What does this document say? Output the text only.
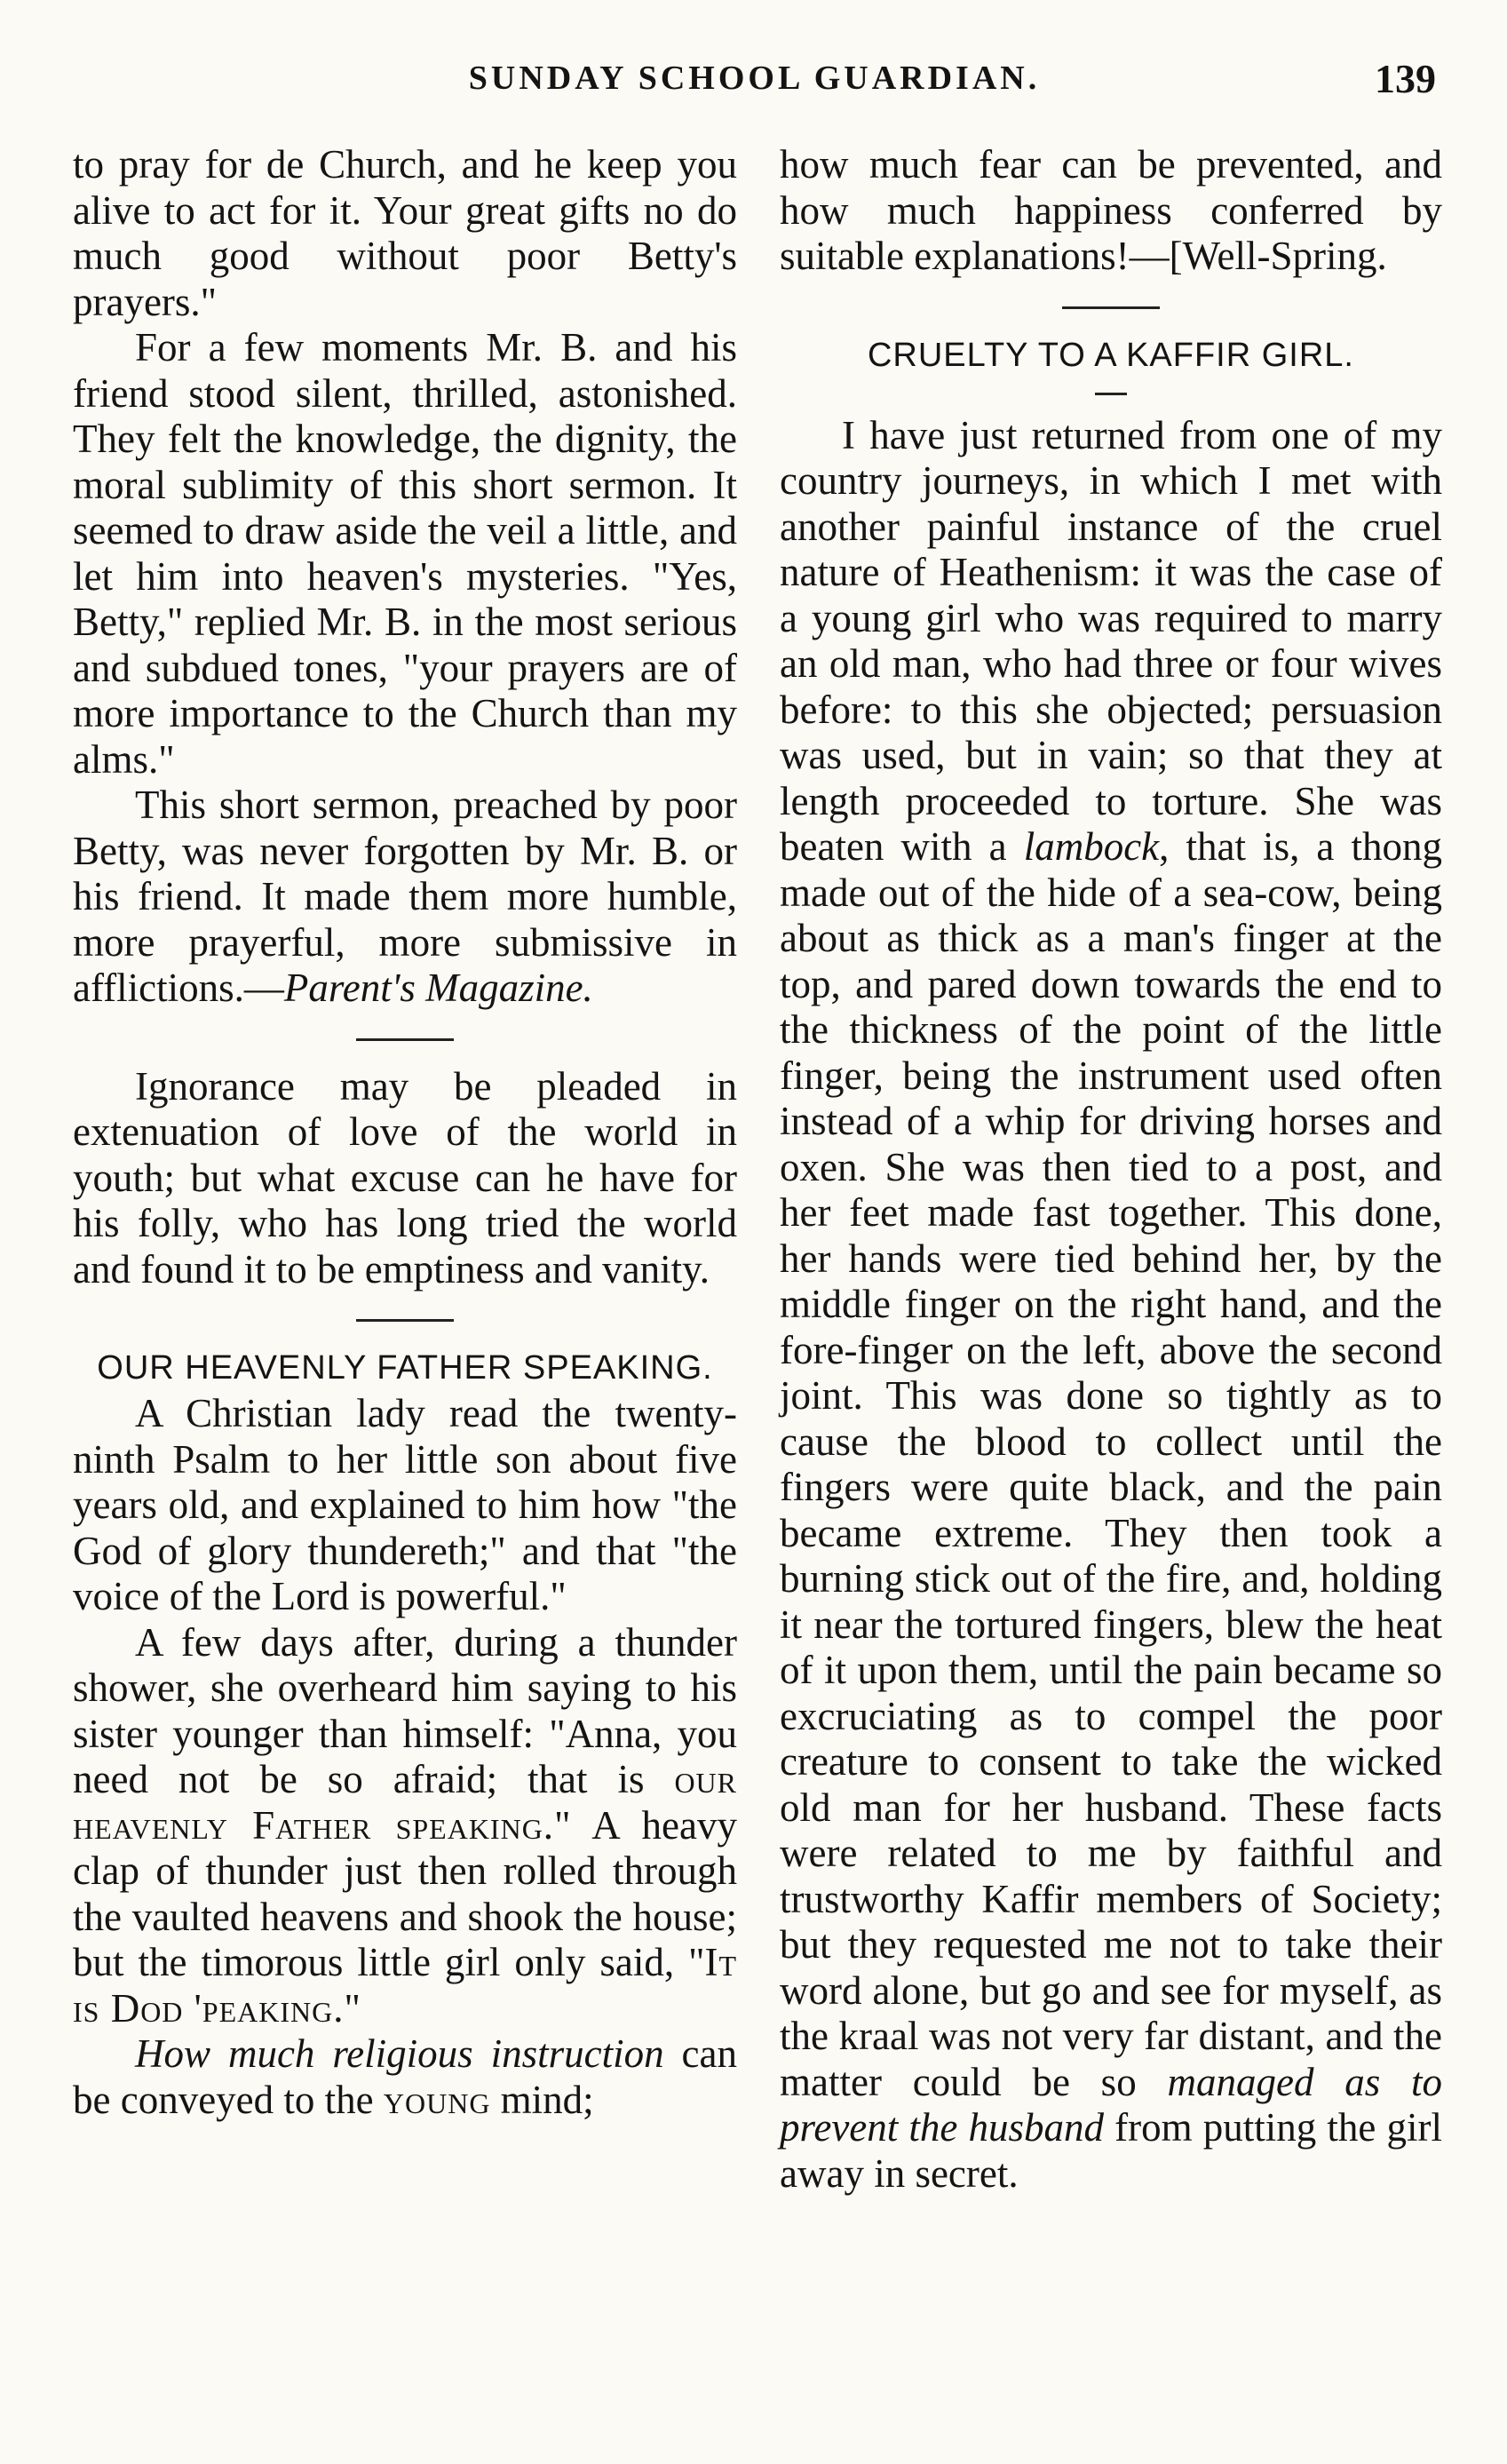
SUNDAY SCHOOL GUARDIAN.	139

to pray for de Church, and he keep you alive to act for it. Your great gifts no do much good without poor Betty's prayers."

For a few moments Mr. B. and his friend stood silent, thrilled, astonished. They felt the knowledge, the dignity, the moral sublimity of this short sermon. It seemed to draw aside the veil a little, and let him into heaven's mysteries. "Yes, Betty," replied Mr. B. in the most serious and subdued tones, "your prayers are of more importance to the Church than my alms."

This short sermon, preached by poor Betty, was never forgotten by Mr. B. or his friend. It made them more humble, more prayerful, more submissive in afflictions.—Parent's Magazine.

Ignorance may be pleaded in extenuation of love of the world in youth; but what excuse can he have for his folly, who has long tried the world and found it to be emptiness and vanity.

OUR HEAVENLY FATHER SPEAKING.

A Christian lady read the twenty-ninth Psalm to her little son about five years old, and explained to him how "the God of glory thundereth;" and that "the voice of the Lord is powerful."

A few days after, during a thunder shower, she overheard him saying to his sister younger than himself: "Anna, you need not be so afraid; that is our heavenly Father speaking." A heavy clap of thunder just then rolled through the vaulted heavens and shook the house; but the timorous little girl only said, "It is Dod 'peaking."

How much religious instruction can be conveyed to the young mind;

how much fear can be prevented, and how much happiness conferred by suitable explanations!—[Well-Spring.

CRUELTY TO A KAFFIR GIRL.

I have just returned from one of my country journeys, in which I met with another painful instance of the cruel nature of Heathenism: it was the case of a young girl who was required to marry an old man, who had three or four wives before: to this she objected; persuasion was used, but in vain; so that they at length proceeded to torture. She was beaten with a lambock, that is, a thong made out of the hide of a sea-cow, being about as thick as a man's finger at the top, and pared down towards the end to the thickness of the point of the little finger, being the instrument used often instead of a whip for driving horses and oxen. She was then tied to a post, and her feet made fast together. This done, her hands were tied behind her, by the middle finger on the right hand, and the fore-finger on the left, above the second joint. This was done so tightly as to cause the blood to collect until the fingers were quite black, and the pain became extreme. They then took a burning stick out of the fire, and, holding it near the tortured fingers, blew the heat of it upon them, until the pain became so excruciating as to compel the poor creature to consent to take the wicked old man for her husband. These facts were related to me by faithful and trustworthy Kaffir members of Society; but they requested me not to take their word alone, but go and see for myself, as the kraal was not very far distant, and the matter could be so managed as to prevent the husband from putting the girl away in secret.
